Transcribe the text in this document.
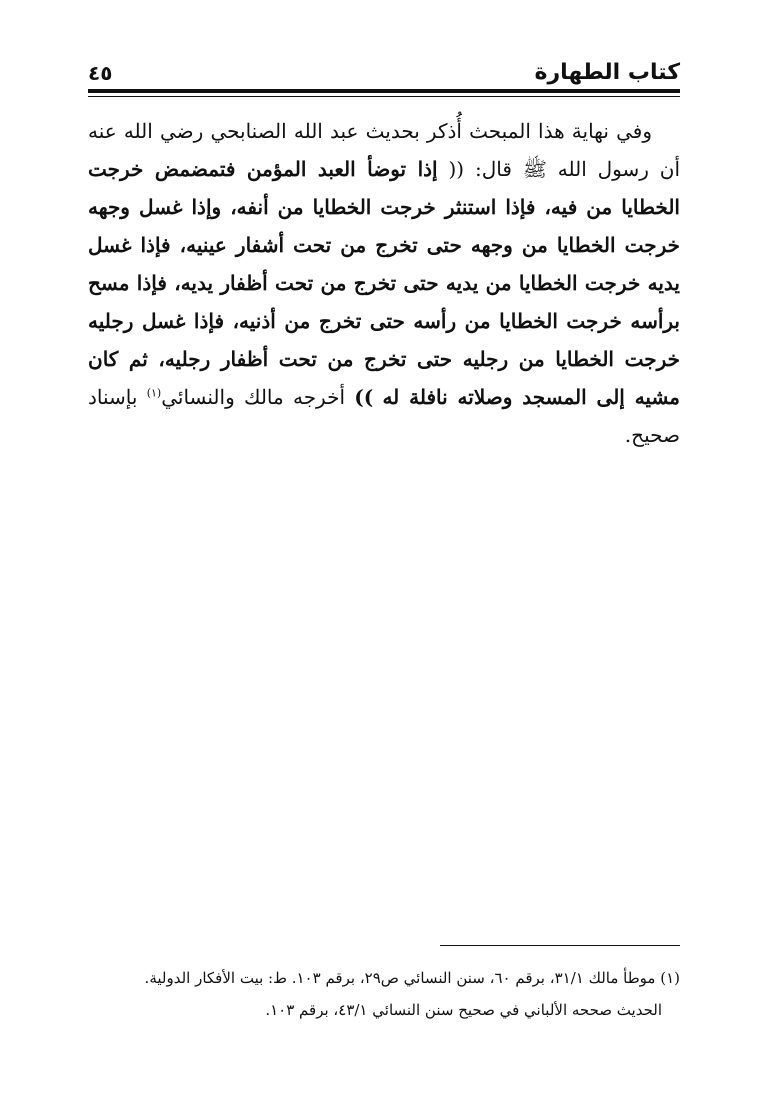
كتاب الطهارة
٤٥

وفي نهاية هذا المبحث أُذكر بحديث عبد الله الصنابحي رضي الله عنه أن رسول الله ﷺ قال: (( إذا توضأ العبد المؤمن فتمضمض خرجت الخطايا من فيه، فإذا استنثر خرجت الخطايا من أنفه، وإذا غسل وجهه خرجت الخطايا من وجهه حتى تخرج من تحت أشفار عينيه، فإذا غسل يديه خرجت الخطايا من يديه حتى تخرج من تحت أظفار يديه، فإذا مسح برأسه خرجت الخطايا من رأسه حتى تخرج من أذنيه، فإذا غسل رجليه خرجت الخطايا من رجليه حتى تخرج من تحت أظفار رجليه، ثم كان مشيه إلى المسجد وصلاته نافلة له )) أخرجه مالك والنسائي$^{(١)}$ بإسناد صحيح.

(١) موطأ مالك ٣١/١، برقم ٦٠، سنن النسائي ص٢٩، برقم ١٠٣. ط: بيت الأفكار الدولية.

الحديث صححه الألباني في صحيح سنن النسائي ٤٣/١، برقم ١٠٣.
